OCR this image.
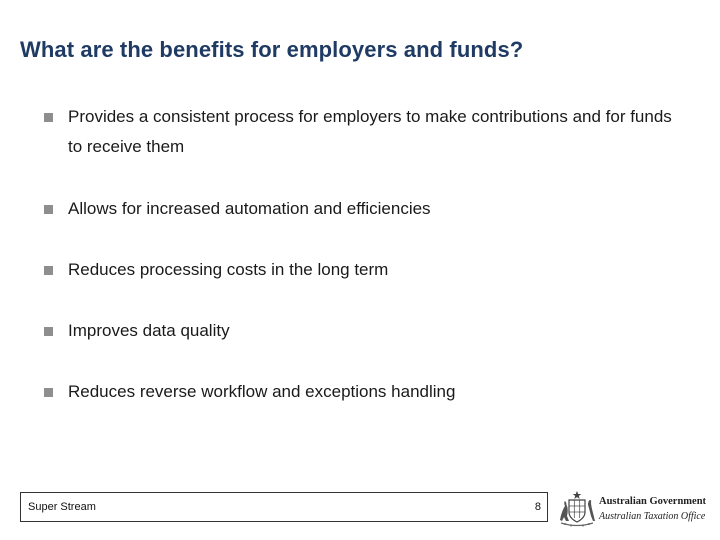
What are the benefits for employers and funds?
Provides a consistent process for employers to make contributions and for funds to receive them
Allows for increased automation and efficiencies
Reduces processing costs in the long term
Improves data quality
Reduces reverse workflow and exceptions handling
Super Stream	8	Australian Government
Australian Taxation Office
